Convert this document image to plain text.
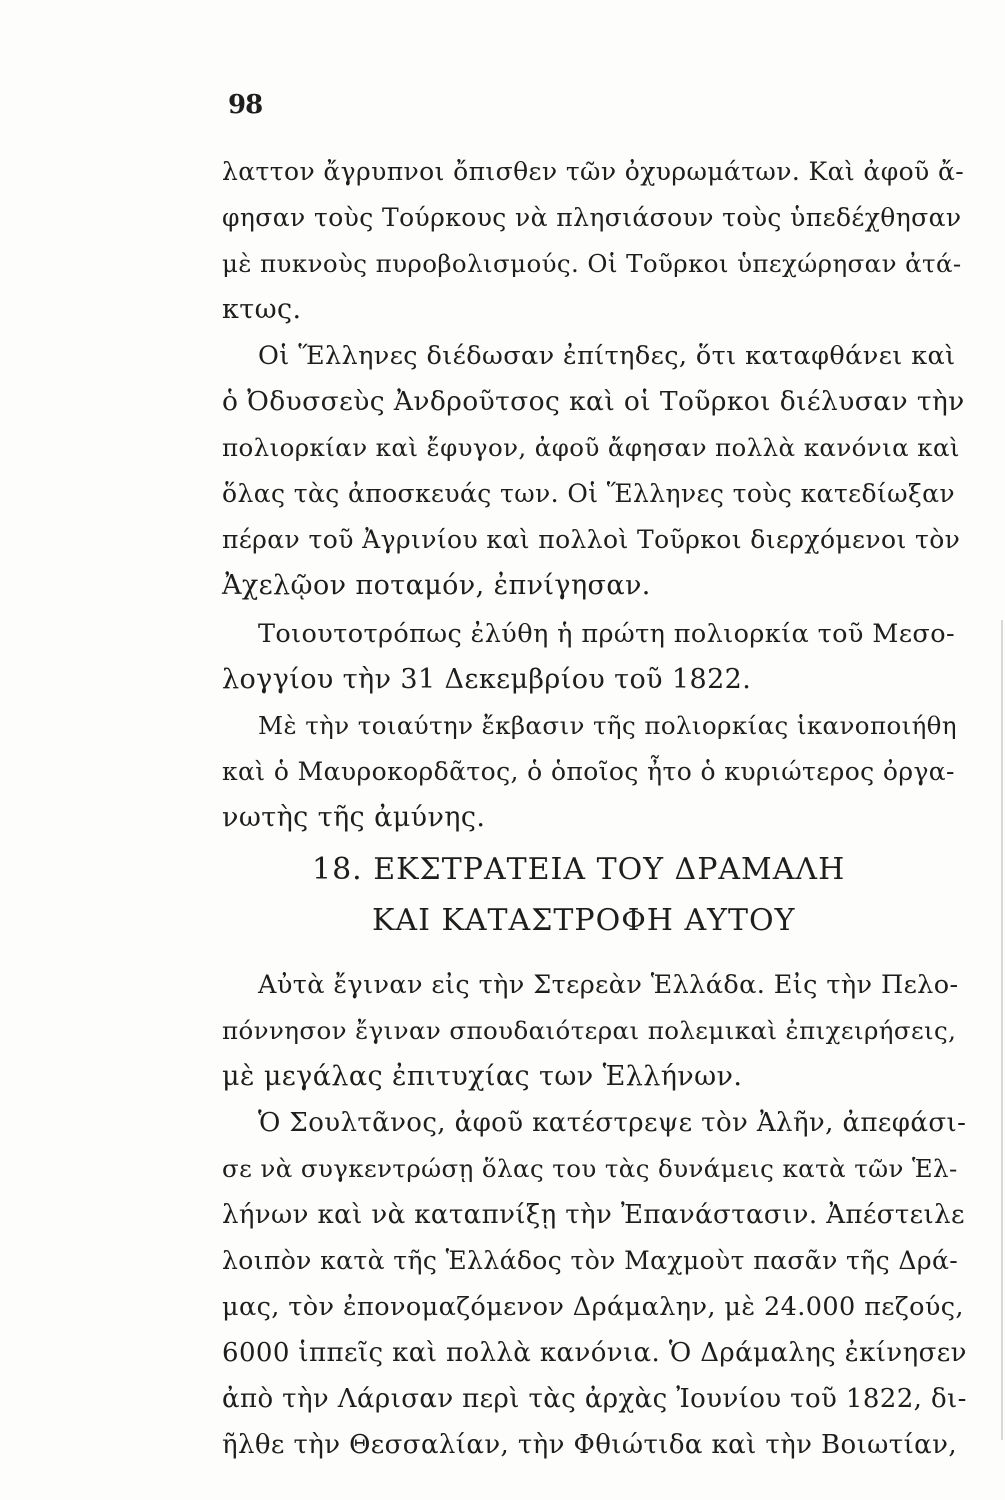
98
λαττον ἄγρυπνοι ὄπισθεν τῶν ὀχυρωμάτων. Καὶ ἀφοῦ ἄ-
φησαν τοὺς Τούρκους νὰ πλησιάσουν τοὺς ὑπεδέχθησαν
μὲ πυκνοὺς πυροβολισμούς. Οἱ Τοῦρκοι ὑπεχώρησαν ἀτά-
κτως.
Οἱ Ἕλληνες διέδωσαν ἐπίτηδες, ὅτι καταφθάνει καὶ
ὁ Ὀδυσσεὺς Ἀνδροῦτσος καὶ οἱ Τοῦρκοι διέλυσαν τὴν
πολιορκίαν καὶ ἔφυγον, ἀφοῦ ἄφησαν πολλὰ κανόνια καὶ
ὅλας τὰς ἀποσκευάς των. Οἱ Ἕλληνες τοὺς κατεδίωξαν
πέραν τοῦ Ἀγρινίου καὶ πολλοὶ Τοῦρκοι διερχόμενοι τὸν
Ἀχελῷον ποταμόν, ἐπνίγησαν.
Τοιουτοτρόπως ἐλύθη ἡ πρώτη πολιορκία τοῦ Μεσο-
λογγίου τὴν 31 Δεκεμβρίου τοῦ 1822.
Μὲ τὴν τοιαύτην ἔκβασιν τῆς πολιορκίας ἱκανοποιήθη
καὶ ὁ Μαυροκορδᾶτος, ὁ ὁποῖος ἦτο ὁ κυριώτερος ὀργα-
νωτὴς τῆς ἀμύνης.
18. ΕΚΣΤΡΑΤΕΙΑ ΤΟΥ ΔΡΑΜΑΛΗ
ΚΑΙ ΚΑΤΑΣΤΡΟΦΗ ΑΥΤΟΥ
Αὐτὰ ἔγιναν εἰς τὴν Στερεὰν Ἑλλάδα. Εἰς τὴν Πελο-
πόννησον ἔγιναν σπουδαιότεραι πολεμικαὶ ἐπιχειρήσεις,
μὲ μεγάλας ἐπιτυχίας των Ἑλλήνων.
Ὁ Σουλτᾶνος, ἀφοῦ κατέστρεψε τὸν Ἀλῆν, ἀπεφάσι-
σε νὰ συγκεντρώσῃ ὅλας του τὰς δυνάμεις κατὰ τῶν Ἑλ-
λήνων καὶ νὰ καταπνίξῃ τὴν Ἐπανάστασιν. Ἀπέστειλε
λοιπὸν κατὰ τῆς Ἑλλάδος τὸν Μαχμοὺτ πασᾶν τῆς Δρά-
μας, τὸν ἐπονομαζόμενον Δράμαλην, μὲ 24.000 πεζούς,
6000 ἱππεῖς καὶ πολλὰ κανόνια. Ὁ Δράμαλης ἐκίνησεν
ἀπὸ τὴν Λάρισαν περὶ τὰς ἀρχὰς Ἰουνίου τοῦ 1822, δι-
ῆλθε τὴν Θεσσαλίαν, τὴν Φθιώτιδα καὶ τὴν Βοιωτίαν,
